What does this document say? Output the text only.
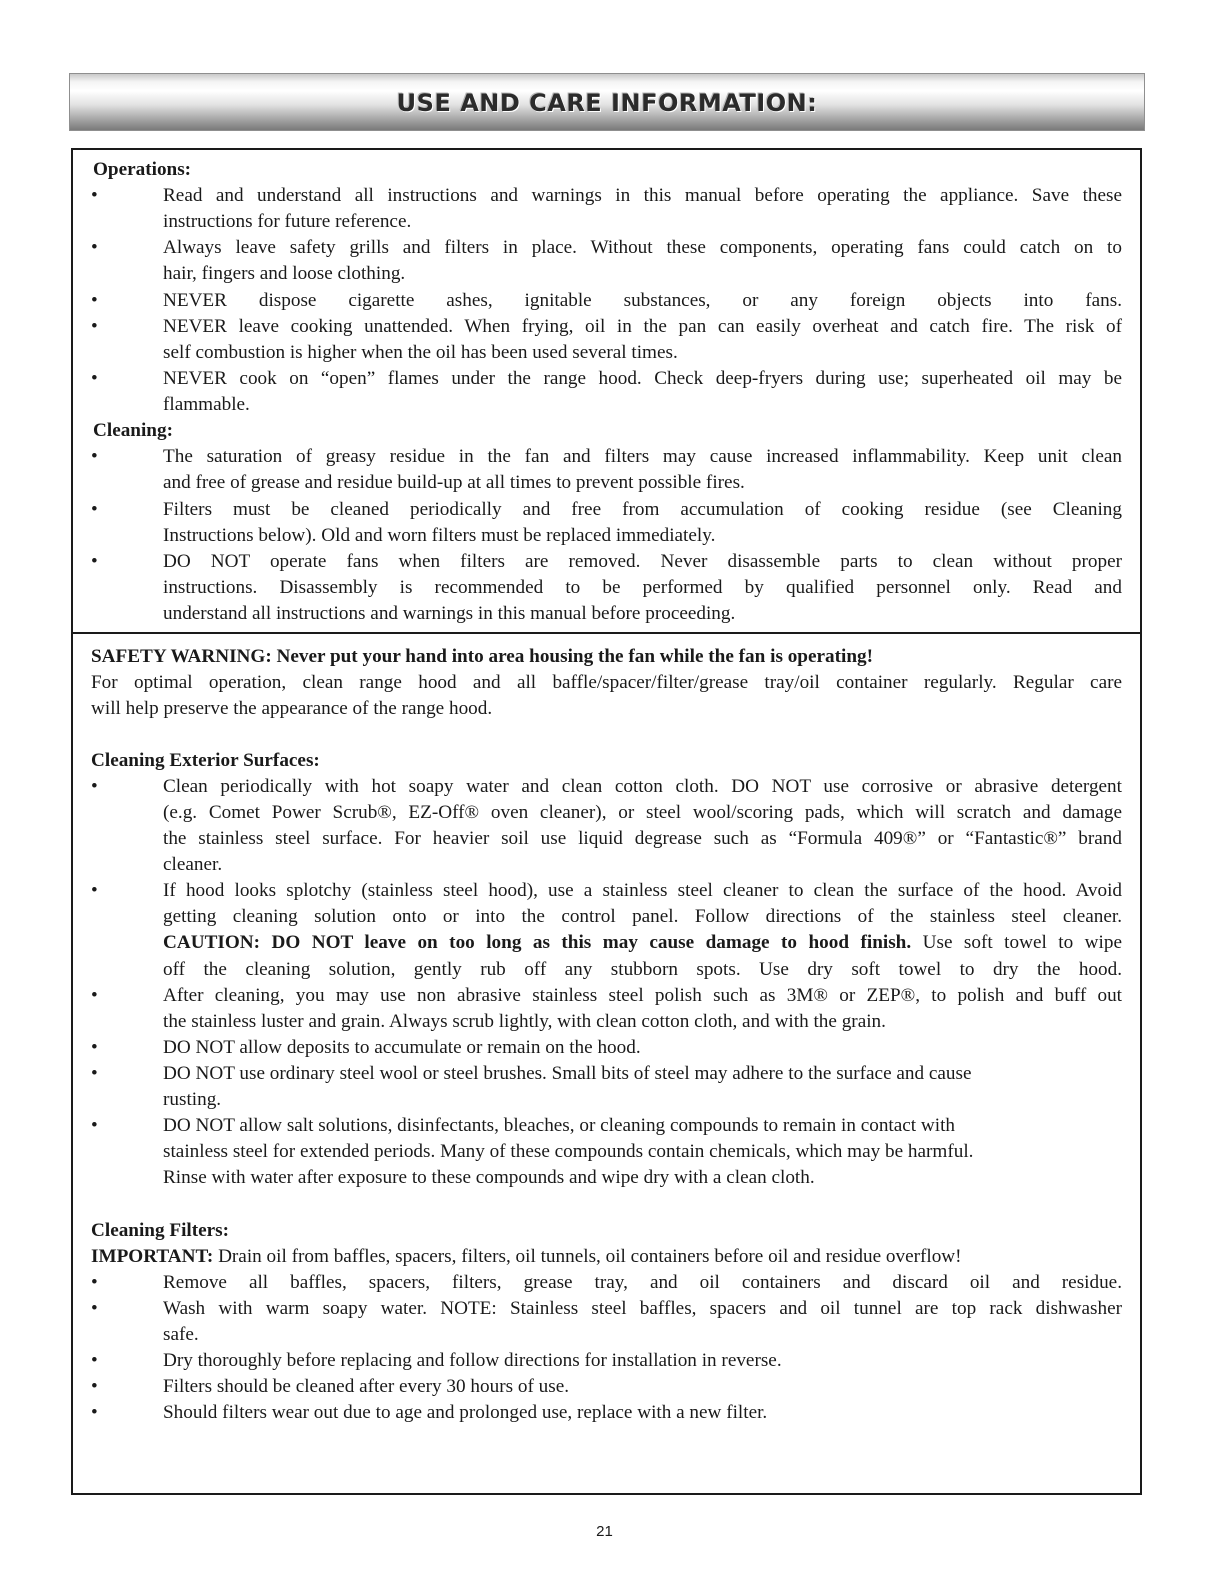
USE AND CARE INFORMATION:
Operations:
•	Read and understand all instructions and warnings in this manual before operating the appliance. Save these
instructions for future reference.
•	Always leave safety grills and filters in place. Without these components, operating fans could catch on to
hair, fingers and loose clothing.
•	NEVER dispose cigarette ashes, ignitable substances, or any foreign objects into fans.
•	NEVER leave cooking unattended. When frying, oil in the pan can easily overheat and catch fire. The risk of
self combustion is higher when the oil has been used several times.
•	NEVER cook on “open” flames under the range hood. Check deep-fryers during use; superheated oil may be
flammable.
Cleaning:
•	The saturation of greasy residue in the fan and filters may cause increased inflammability. Keep unit clean
and free of grease and residue build-up at all times to prevent possible fires.
•	Filters must be cleaned periodically and free from accumulation of cooking residue (see Cleaning
Instructions below). Old and worn filters must be replaced immediately.
•	DO NOT operate fans when filters are removed. Never disassemble parts to clean without proper
instructions. Disassembly is recommended to be performed by qualified personnel only. Read and
understand all instructions and warnings in this manual before proceeding.
SAFETY WARNING: Never put your hand into area housing the fan while the fan is operating!
For optimal operation, clean range hood and all baffle/spacer/filter/grease tray/oil container regularly. Regular care
will help preserve the appearance of the range hood.
Cleaning Exterior Surfaces:
•	Clean periodically with hot soapy water and clean cotton cloth. DO NOT use corrosive or abrasive detergent
(e.g. Comet Power Scrub®, EZ-Off® oven cleaner), or steel wool/scoring pads, which will scratch and damage
the stainless steel surface. For heavier soil use liquid degrease such as “Formula 409®” or “Fantastic®” brand
cleaner.
•	If hood looks splotchy (stainless steel hood), use a stainless steel cleaner to clean the surface of the hood. Avoid
getting cleaning solution onto or into the control panel. Follow directions of the stainless steel cleaner.
CAUTION: DO NOT leave on too long as this may cause damage to hood finish. Use soft towel to wipe
off the cleaning solution, gently rub off any stubborn spots. Use dry soft towel to dry the hood.
•	After cleaning, you may use non abrasive stainless steel polish such as 3M® or ZEP®, to polish and buff out
the stainless luster and grain. Always scrub lightly, with clean cotton cloth, and with the grain.
•	DO NOT allow deposits to accumulate or remain on the hood.
•	DO NOT use ordinary steel wool or steel brushes. Small bits of steel may adhere to the surface and cause
rusting.
•	DO NOT allow salt solutions, disinfectants, bleaches, or cleaning compounds to remain in contact with
stainless steel for extended periods. Many of these compounds contain chemicals, which may be harmful.
Rinse with water after exposure to these compounds and wipe dry with a clean cloth.
Cleaning Filters:
IMPORTANT: Drain oil from baffles, spacers, filters, oil tunnels, oil containers before oil and residue overflow!
•	Remove all baffles, spacers, filters, grease tray, and oil containers and discard oil and residue.
•	Wash with warm soapy water. NOTE: Stainless steel baffles, spacers and oil tunnel are top rack dishwasher
safe.
•	Dry thoroughly before replacing and follow directions for installation in reverse.
•	Filters should be cleaned after every 30 hours of use.
•	Should filters wear out due to age and prolonged use, replace with a new filter.
21
